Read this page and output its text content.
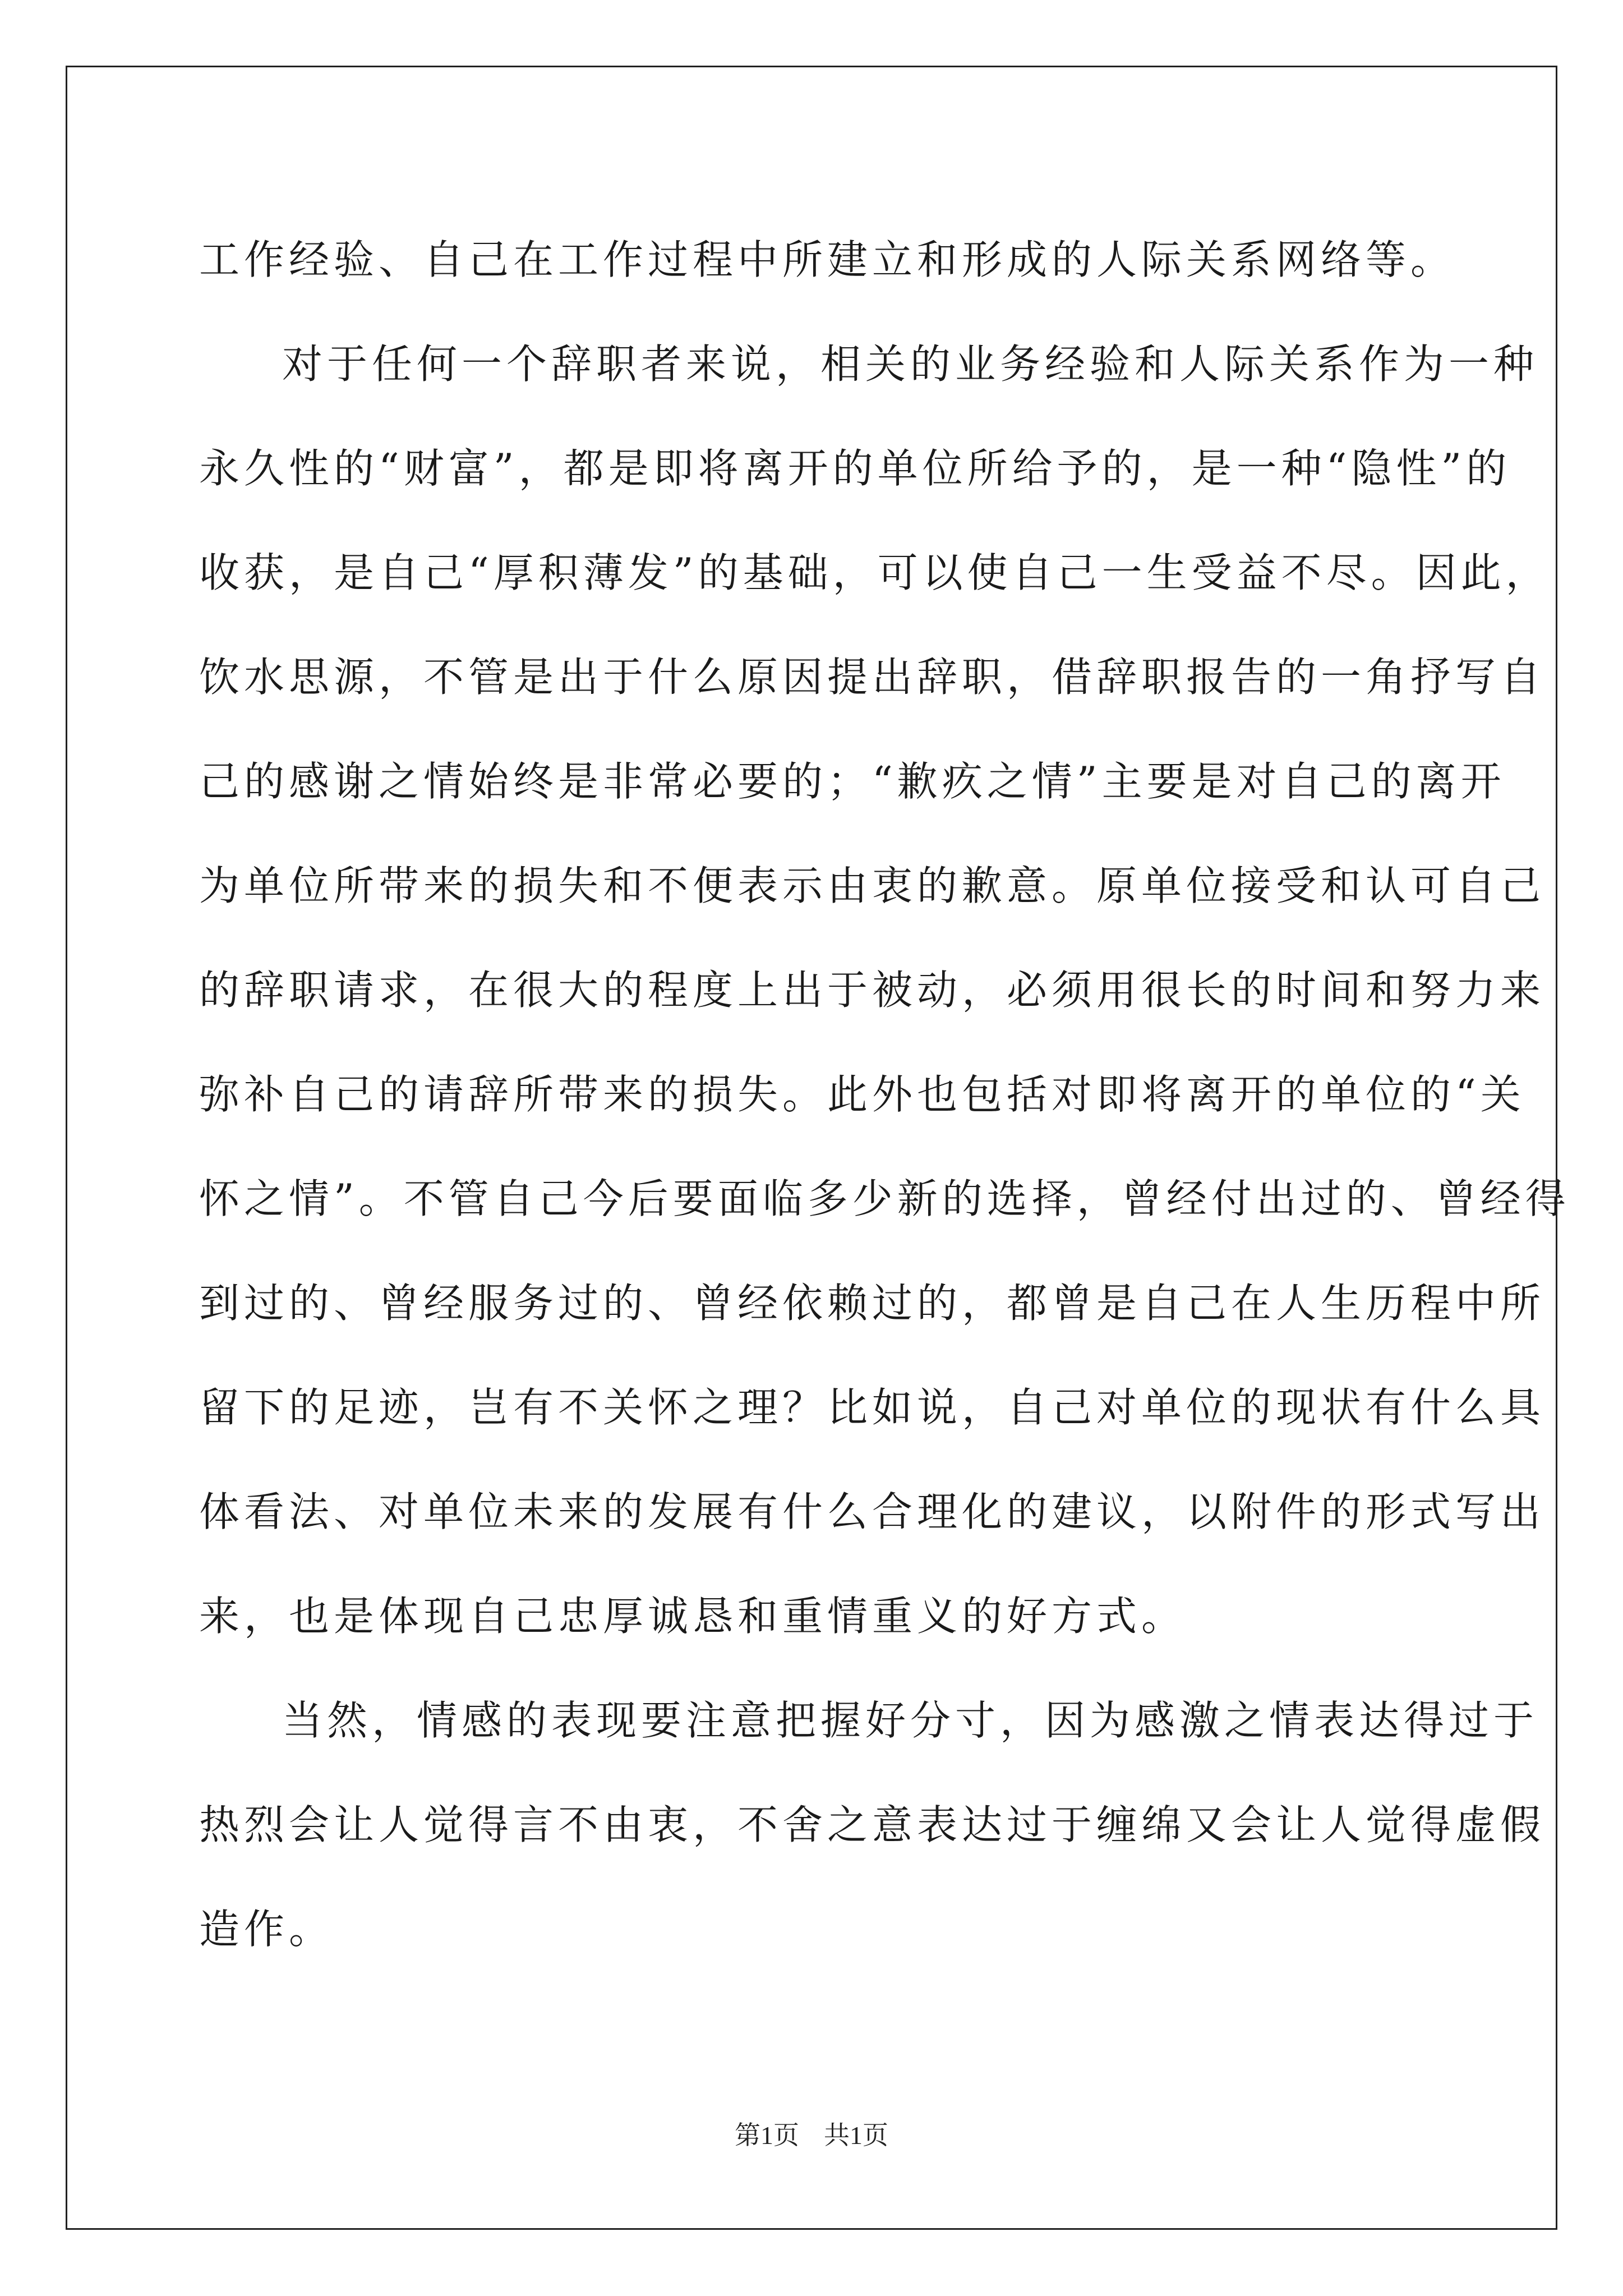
工作经验、自己在工作过程中所建立和形成的人际关系网络等。

对于任何一个辞职者来说，相关的业务经验和人际关系作为一种
永久性的“财富”，都是即将离开的单位所给予的，是一种“隐性”的
收获，是自己“厚积薄发”的基础，可以使自己一生受益不尽。因此，
饮水思源，不管是出于什么原因提出辞职，借辞职报告的一角抒写自
己的感谢之情始终是非常必要的；“歉疚之情”主要是对自己的离开
为单位所带来的损失和不便表示由衷的歉意。原单位接受和认可自己
的辞职请求，在很大的程度上出于被动，必须用很长的时间和努力来
弥补自己的请辞所带来的损失。此外也包括对即将离开的单位的“关
怀之情”。不管自己今后要面临多少新的选择，曾经付出过的、曾经得
到过的、曾经服务过的、曾经依赖过的，都曾是自己在人生历程中所
留下的足迹，岂有不关怀之理？比如说，自己对单位的现状有什么具
体看法、对单位未来的发展有什么合理化的建议，以附件的形式写出
来，也是体现自己忠厚诚恳和重情重义的好方式。

当然，情感的表现要注意把握好分寸，因为感激之情表达得过于
热烈会让人觉得言不由衷，不舍之意表达过于缠绵又会让人觉得虚假
造作。

第1页 共1页
